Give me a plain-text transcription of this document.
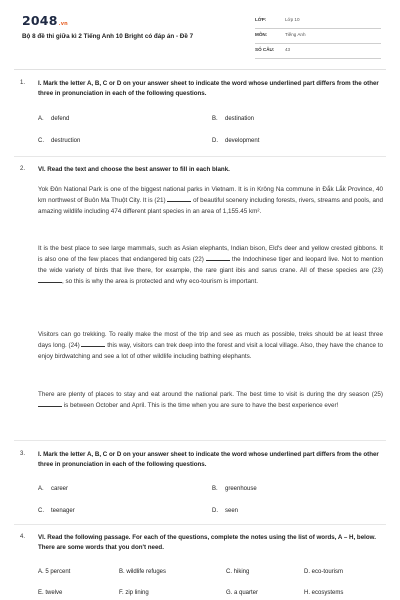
2048.vn
Bộ 8 đề thi giữa kì 2 Tiếng Anh 10 Bright có đáp án - Đề 7
LỚP:	Lớp 10
MÔN:	Tiếng Anh
SỐ CÂU: 43
1. I. Mark the letter A, B, C or D on your answer sheet to indicate the word whose underlined part differs from the other three in pronunciation in each of the following questions.
A. defend	B. destination
C. destruction	D. development
2. VI. Read the text and choose the best answer to fill in each blank.

Yok Đôn National Park is one of the biggest national parks in Vietnam. It is in Krông Na commune in Đắk Lắk Province, 40 km northwest of Buôn Ma Thuột City. It is (21)	of beautiful scenery including forests, rivers, streams and pools, and amazing wildlife including 474 different plant species in an area of 1,155.45 km².

It is the best place to see large mammals, such as Asian elephants, Indian bison, Eld's deer and yellow crested gibbons. It is also one of the few places that endangered big cats (22)	the Indochinese tiger and leopard live. Not to mention the wide variety of birds that live there, for example, the rare giant ibis and sarus crane. All of these species are (23) , so this is why the area is protected and why eco-tourism is important.

Visitors can go trekking. To really make the most of the trip and see as much as possible, treks should be at least three days long. (24)	this way, visitors can trek deep into the forest and visit a local village. Also, they have the chance to enjoy birdwatching and see a lot of other wildlife including bathing elephants.

There are plenty of places to stay and eat around the national park. The best time to visit is during the dry season (25)  is between October and April. This is the time when you are sure to have the best experience ever!

3. I. Mark the letter A, B, C or D on your answer sheet to indicate the word whose underlined part differs from the other three in pronunciation in each of the following questions.
A. career	B. greenhouse
C. teenager	D. seen
4. VI. Read the following passage. For each of the questions, complete the notes using the list of words, A – H, below. There are some words that you don't need.
A. 5 percent	B. wildlife refuges	C. hiking	D. eco-tourism
E. twelve	F. zip lining	G. a quarter	H. ecosystems
